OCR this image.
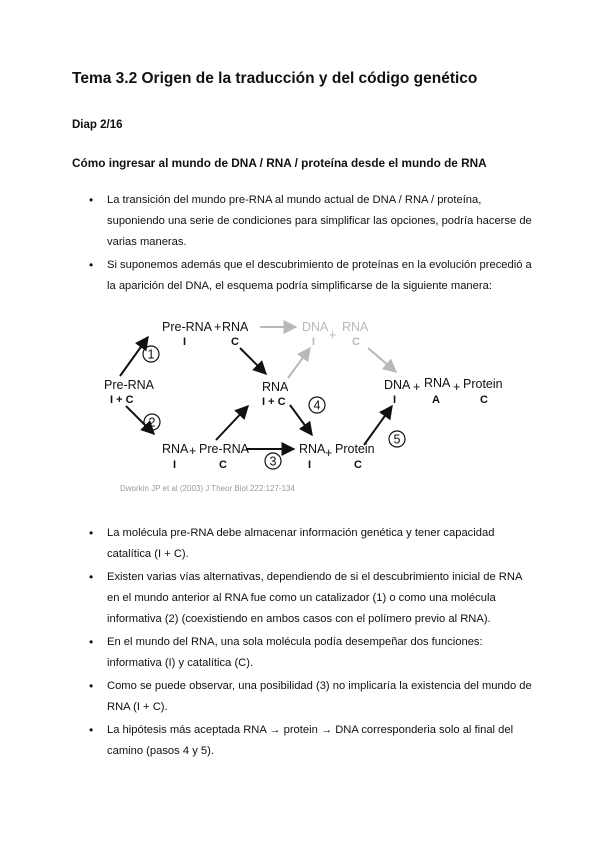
Tema 3.2 Origen de la traducción y del código genético
Diap 2/16
Cómo ingresar al mundo de DNA / RNA / proteína desde el mundo de RNA
• La transición del mundo pre-RNA al mundo actual de DNA / RNA / proteína, suponiendo una serie de condiciones para simplificar las opciones, podría hacerse de varias maneras.
• Si suponemos además que el descubrimiento de proteínas en la evolución precedió a la aparición del DNA, el esquema podría simplificarse de la siguiente manera:
Pre-RNA
I + C
Pre-RNA
I
+ RNA
C
DNA
I +
RNA
C
RNA
I + C
RNA
I
+ Pre-RNA
C
RNA
I
+ Protein
C
DNA
I
+ RNA
A
+ Protein
C
1
2
3
4
5
Dworkin JP et al (2003) J Theor Biol 222:127-134
• La molécula pre-RNA debe almacenar información genética y tener capacidad catalítica (I + C).
• Existen varias vías alternativas, dependiendo de si el descubrimiento inicial de RNA en el mundo anterior al RNA fue como un catalizador (1) o como una molécula informativa (2) (coexistiendo en ambos casos con el polímero previo al RNA).
• En el mundo del RNA, una sola molécula podía desempeñar dos funciones: informativa (I) y catalítica (C).
• Como se puede observar, una posibilidad (3) no implicaría la existencia del mundo de RNA (I + C).
• La hipótesis más aceptada RNA → protein → DNA corresponderia solo al final del camino (pasos 4 y 5).
